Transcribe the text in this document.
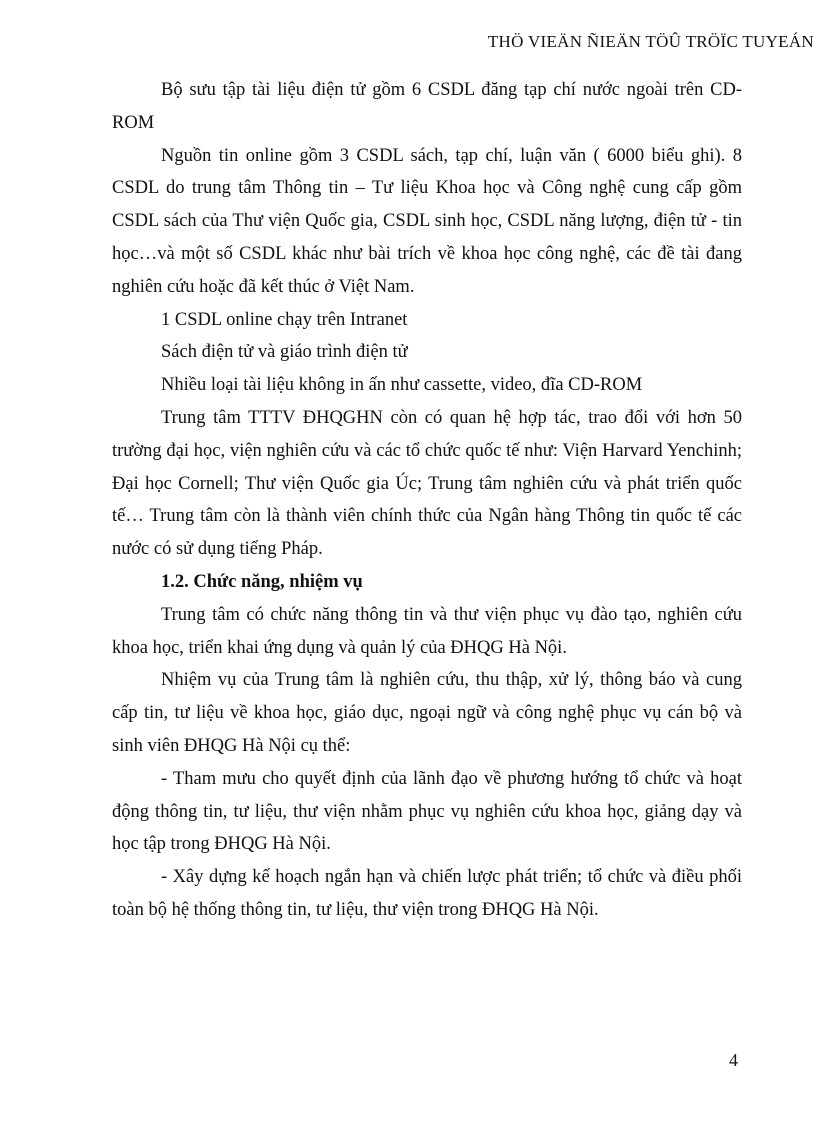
THÖ VIEÄN ÑIEÄN TÖÛ TRÖÏC TUYEÁN

Bộ sưu tập tài liệu điện tử gồm 6 CSDL đăng tạp chí nước ngoài trên CD-ROM

Nguồn tin online gồm 3 CSDL sách, tạp chí, luận văn ( 6000 biểu ghi). 8 CSDL do trung tâm Thông tin – Tư liệu Khoa học và Công nghệ cung cấp gồm CSDL sách của Thư viện Quốc gia, CSDL sinh học, CSDL năng lượng, điện tử - tin học…và một số CSDL khác như bài trích về khoa học công nghệ, các đề tài đang nghiên cứu hoặc đã kết thúc ở Việt Nam.

1 CSDL online chạy trên Intranet

Sách điện tử và giáo trình điện tử

Nhiều loại tài liệu không in ấn như cassette, video, đĩa CD-ROM

Trung tâm TTTV ĐHQGHN còn có quan hệ hợp tác, trao đổi với hơn 50 trường đại học, viện nghiên cứu và các tổ chức quốc tế như: Viện Harvard Yenchinh; Đại học Cornell; Thư viện Quốc gia Úc; Trung tâm nghiên cứu và phát triển quốc tế… Trung tâm còn là thành viên chính thức của Ngân hàng Thông tin quốc tế các nước có sử dụng tiếng Pháp.

1.2. Chức năng, nhiệm vụ

Trung tâm có chức năng thông tin và thư viện phục vụ đào tạo, nghiên cứu khoa học, triển khai ứng dụng và quản lý của ĐHQG Hà Nội.

Nhiệm vụ của Trung tâm là nghiên cứu, thu thập, xử lý, thông báo và cung cấp tin, tư liệu về khoa học, giáo dục, ngoại ngữ và công nghệ phục vụ cán bộ và sinh viên ĐHQG Hà Nội cụ thể:

- Tham mưu cho quyết định của lãnh đạo về phương hướng tổ chức và hoạt động thông tin, tư liệu, thư viện nhằm phục vụ nghiên cứu khoa học, giảng dạy và học tập trong ĐHQG Hà Nội.

- Xây dựng kế hoạch ngắn hạn và chiến lược phát triển; tổ chức và điều phối toàn bộ hệ thống thông tin, tư liệu, thư viện trong ĐHQG Hà Nội.

4
